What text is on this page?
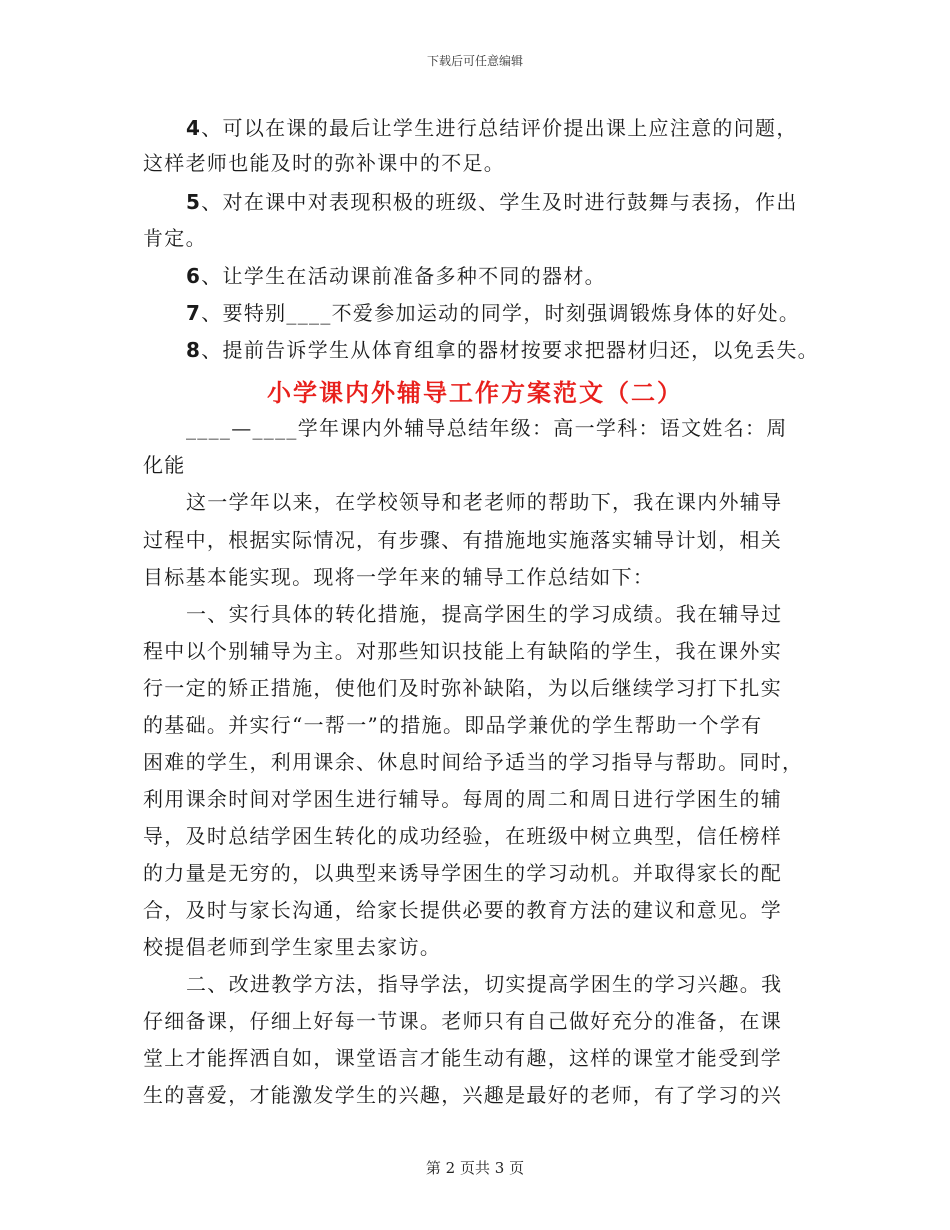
下载后可任意编辑
4、可以在课的最后让学生进行总结评价提出课上应注意的问题，
这样老师也能及时的弥补课中的不足。
5、对在课中对表现积极的班级、学生及时进行鼓舞与表扬，作出
肯定。
6、让学生在活动课前准备多种不同的器材。
7、要特别____不爱参加运动的同学，时刻强调锻炼身体的好处。
8、提前告诉学生从体育组拿的器材按要求把器材归还，以免丢失。
小学课内外辅导工作方案范文（二）
____—____学年课内外辅导总结年级：高一学科：语文姓名：周
化能
这一学年以来，在学校领导和老老师的帮助下，我在课内外辅导
过程中，根据实际情况，有步骤、有措施地实施落实辅导计划，相关
目标基本能实现。现将一学年来的辅导工作总结如下：
一、实行具体的转化措施，提高学困生的学习成绩。我在辅导过
程中以个别辅导为主。对那些知识技能上有缺陷的学生，我在课外实
行一定的矫正措施，使他们及时弥补缺陷，为以后继续学习打下扎实
的基础。并实行“一帮一”的措施。即品学兼优的学生帮助一个学有
困难的学生，利用课余、休息时间给予适当的学习指导与帮助。同时，
利用课余时间对学困生进行辅导。每周的周二和周日进行学困生的辅
导，及时总结学困生转化的成功经验，在班级中树立典型，信任榜样
的力量是无穷的，以典型来诱导学困生的学习动机。并取得家长的配
合，及时与家长沟通，给家长提供必要的教育方法的建议和意见。学
校提倡老师到学生家里去家访。
二、改进教学方法，指导学法，切实提高学困生的学习兴趣。我
仔细备课，仔细上好每一节课。老师只有自己做好充分的准备，在课
堂上才能挥洒自如，课堂语言才能生动有趣，这样的课堂才能受到学
生的喜爱，才能激发学生的兴趣，兴趣是最好的老师，有了学习的兴
第 2 页共 3 页
